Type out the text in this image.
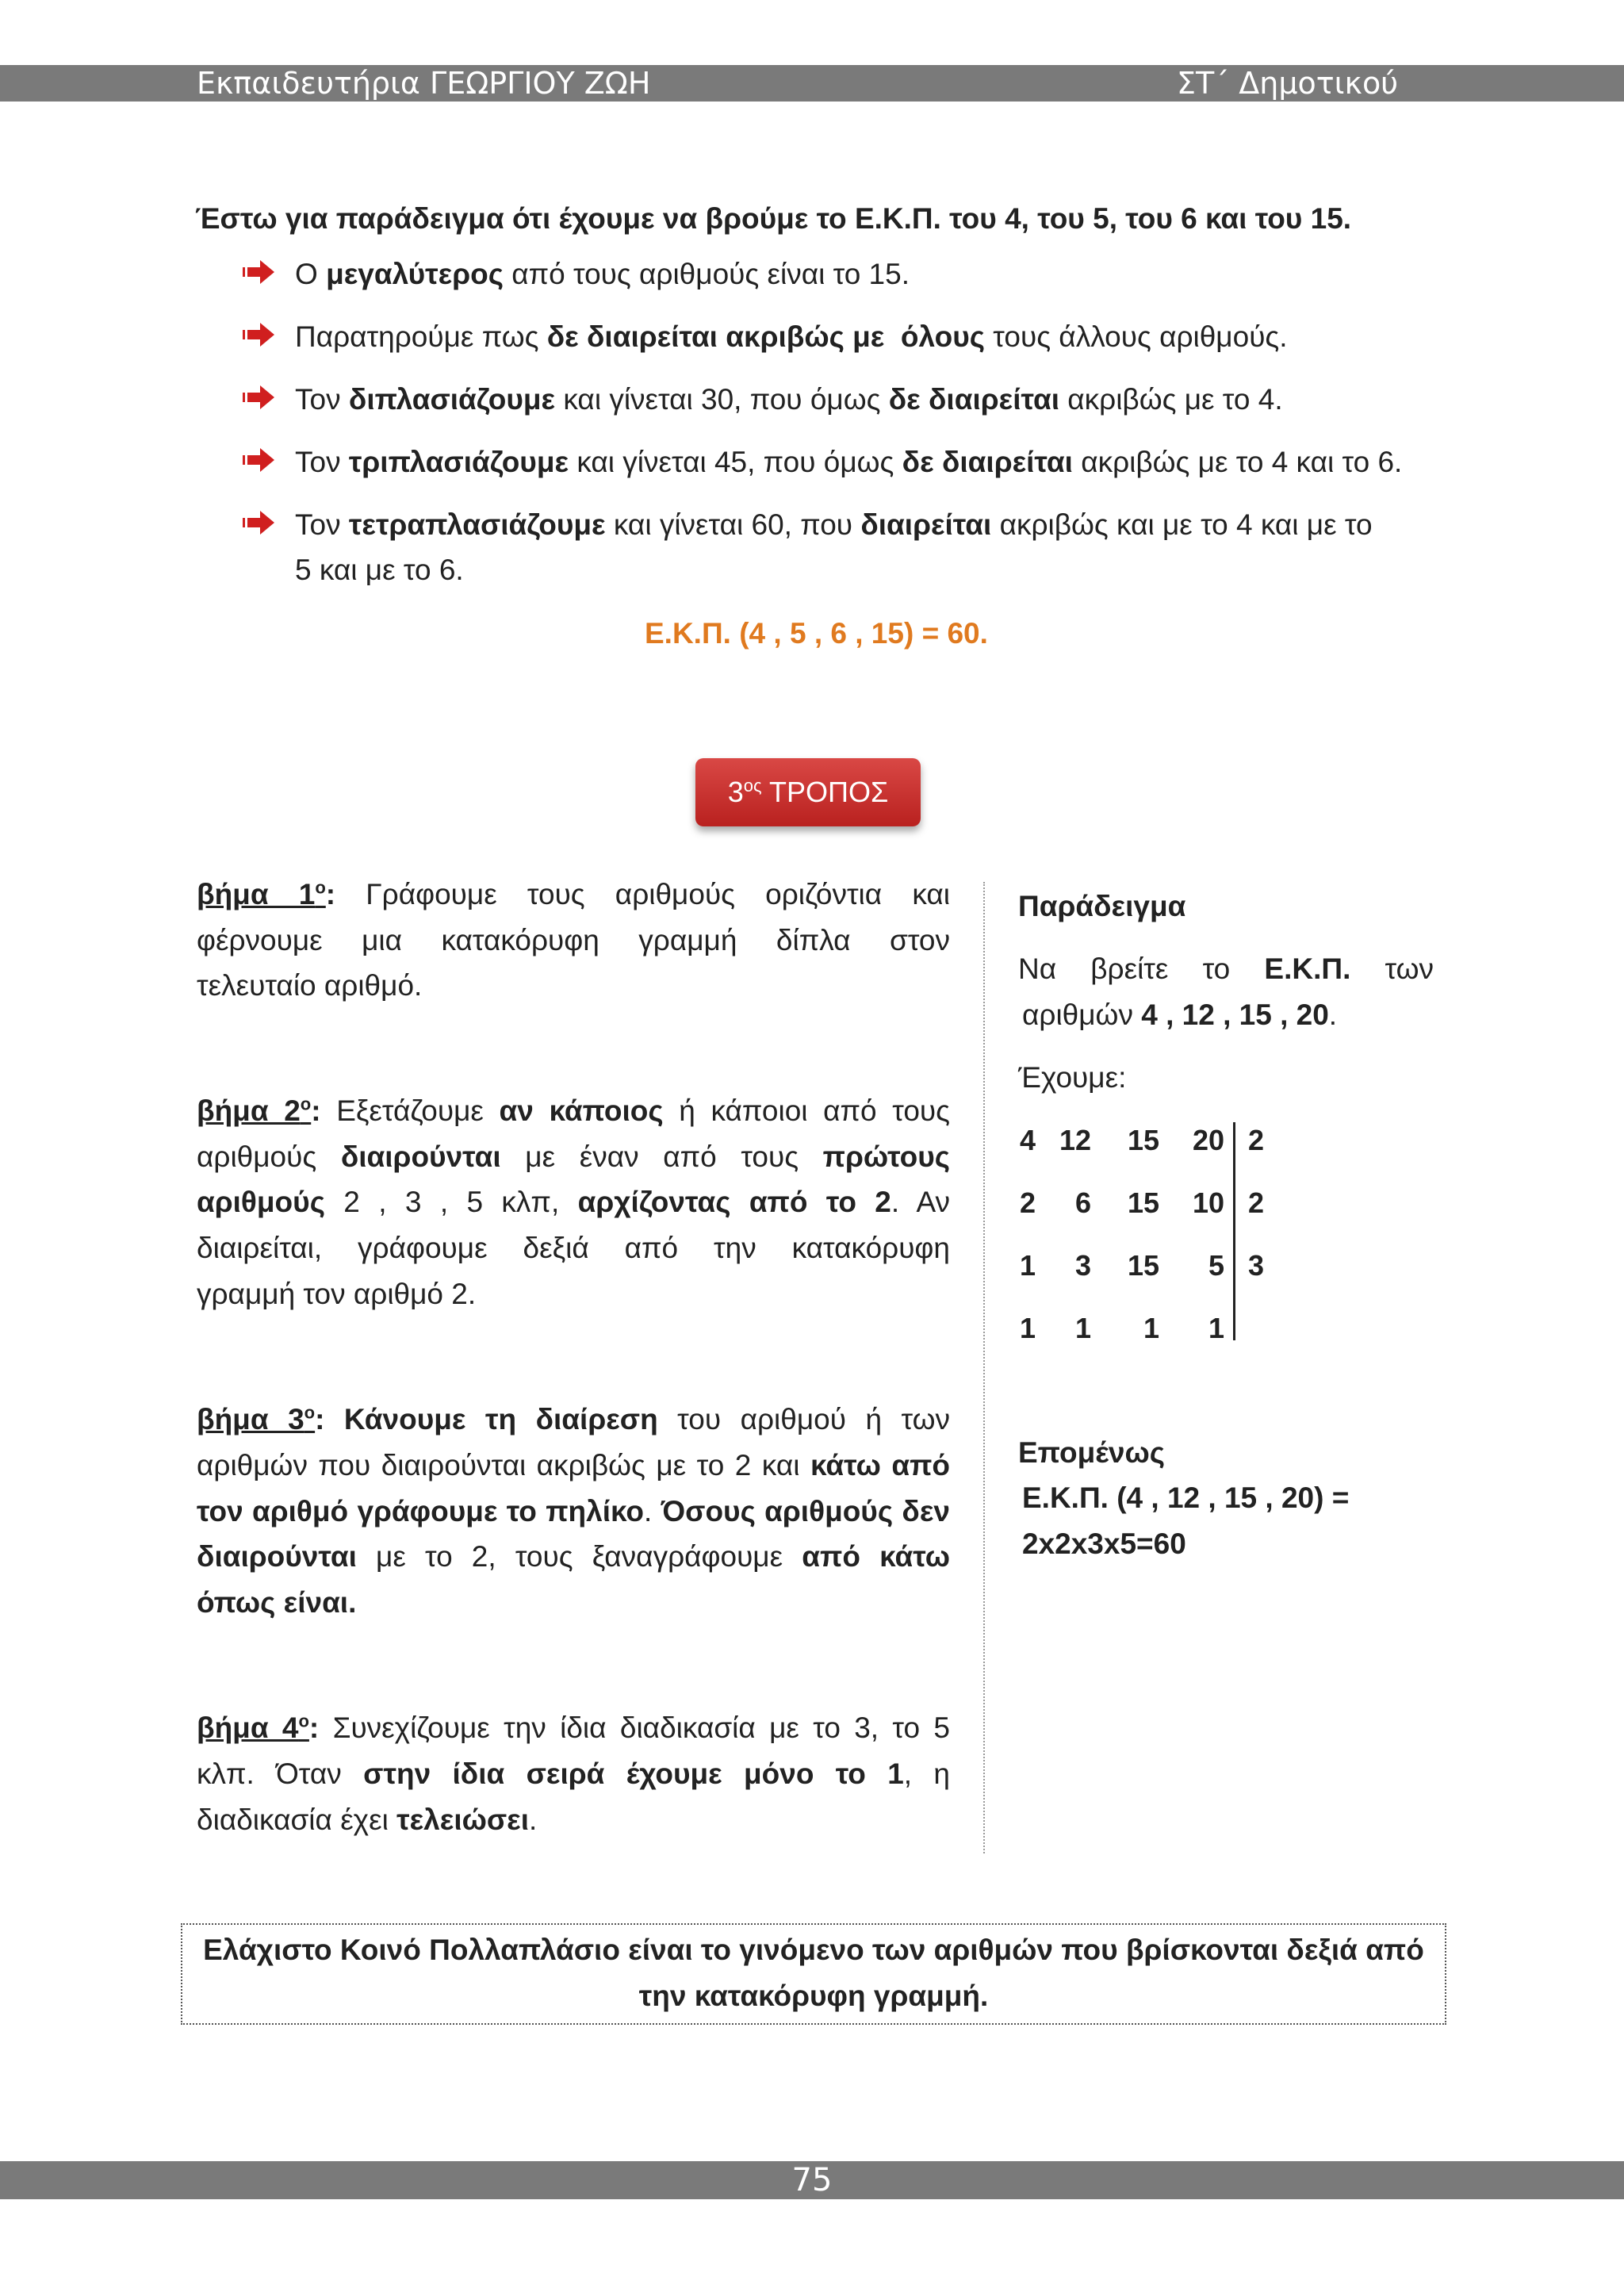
Εκπαιδευτήρια ΓΕΩΡΓΙΟΥ ΖΩΗ	ΣΤ΄ Δημοτικού
Έστω για παράδειγμα ότι έχουμε να βρούμε το Ε.Κ.Π. του 4, του 5, του 6 και του 15.
Ο μεγαλύτερος από τους αριθμούς είναι το 15.
Παρατηρούμε πως δε διαιρείται ακριβώς με  όλους τους άλλους αριθμούς.
Τον διπλασιάζουμε και γίνεται 30, που όμως δε διαιρείται ακριβώς με το 4.
Τον τριπλασιάζουμε και γίνεται 45, που όμως δε διαιρείται ακριβώς με το 4 και το 6.
Τον τετραπλασιάζουμε και γίνεται 60, που διαιρείται ακριβώς και με το 4 και με το
5 και με το 6.
Ε.Κ.Π. (4 , 5 , 6 , 15) = 60.
$3^{o\varsigma}$ ΤΡΟΠΟΣ
βήμα $1^o$: Γράφουμε τους αριθμούς οριζόντια και
φέρνουμε μια κατακόρυφη γραμμή δίπλα στον
τελευταίο αριθμό.
βήμα $2^o$: Εξετάζουμε αν κάποιος ή κάποιοι από τους
αριθμούς διαιρούνται με έναν από τους πρώτους
αριθμούς 2 , 3 , 5 κλπ, αρχίζοντας από το 2. Αν
διαιρείται, γράφουμε δεξιά από την κατακόρυφη
γραμμή τον αριθμό 2.
βήμα $3^o$: Κάνουμε τη διαίρεση του αριθμού ή των
αριθμών που διαιρούνται ακριβώς με το 2 και κάτω από
τον αριθμό γράφουμε το πηλίκο. Όσους αριθμούς δεν
διαιρούνται με το 2, τους ξαναγράφουμε από κάτω
όπως είναι.
βήμα $4^o$: Συνεχίζουμε την ίδια διαδικασία με το 3, το 5
κλπ. Όταν στην ίδια σειρά έχουμε μόνο το 1, η
διαδικασία έχει τελειώσει.
Παράδειγμα
Να βρείτε το Ε.Κ.Π. των
αριθμών 4 , 12 , 15 , 20.
Έχουμε:
4 12	15	20 2
2	6	15	10 2
1	3	15	5 3
1	1	1	1
Επομένως
Ε.Κ.Π. (4 , 12 , 15 , 20) =
2x2x3x5=60
Ελάχιστο Κοινό Πολλαπλάσιο είναι το γινόμενο των αριθμών που βρίσκονται δεξιά από
την κατακόρυφη γραμμή.
75
